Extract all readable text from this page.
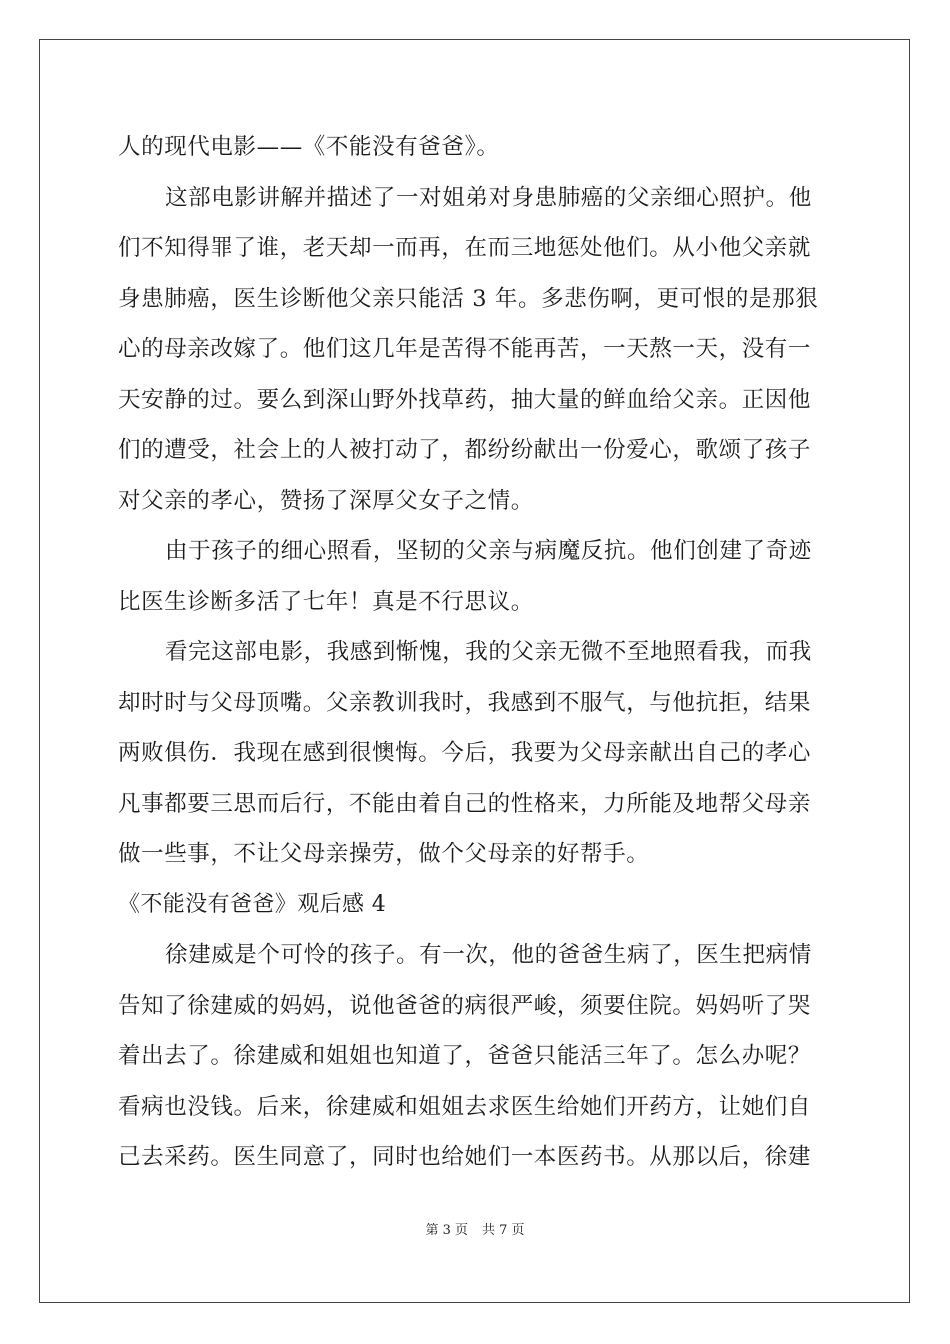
人的现代电影——《不能没有爸爸》。
这部电影讲解并描述了一对姐弟对身患肺癌的父亲细心照护。他
们不知得罪了谁，老天却一而再，在而三地惩处他们。从小他父亲就
身患肺癌，医生诊断他父亲只能活 3 年。多悲伤啊，更可恨的是那狠
心的母亲改嫁了。他们这几年是苦得不能再苦，一天熬一天，没有一
天安静的过。要么到深山野外找草药，抽大量的鲜血给父亲。正因他
们的遭受，社会上的人被打动了，都纷纷献出一份爱心，歌颂了孩子
对父亲的孝心，赞扬了深厚父女子之情。
由于孩子的细心照看，坚韧的父亲与病魔反抗。他们创建了奇迹
比医生诊断多活了七年！真是不行思议。
看完这部电影，我感到惭愧，我的父亲无微不至地照看我，而我
却时时与父母顶嘴。父亲教训我时，我感到不服气，与他抗拒，结果
两败俱伤．我现在感到很懊悔。今后，我要为父母亲献出自己的孝心
凡事都要三思而后行，不能由着自己的性格来，力所能及地帮父母亲
做一些事，不让父母亲操劳，做个父母亲的好帮手。
《不能没有爸爸》观后感 4
徐建威是个可怜的孩子。有一次，他的爸爸生病了，医生把病情
告知了徐建威的妈妈，说他爸爸的病很严峻，须要住院。妈妈听了哭
着出去了。徐建威和姐姐也知道了，爸爸只能活三年了。怎么办呢？
看病也没钱。后来，徐建威和姐姐去求医生给她们开药方，让她们自
己去采药。医生同意了，同时也给她们一本医药书。从那以后，徐建
第 3 页 共 7 页
